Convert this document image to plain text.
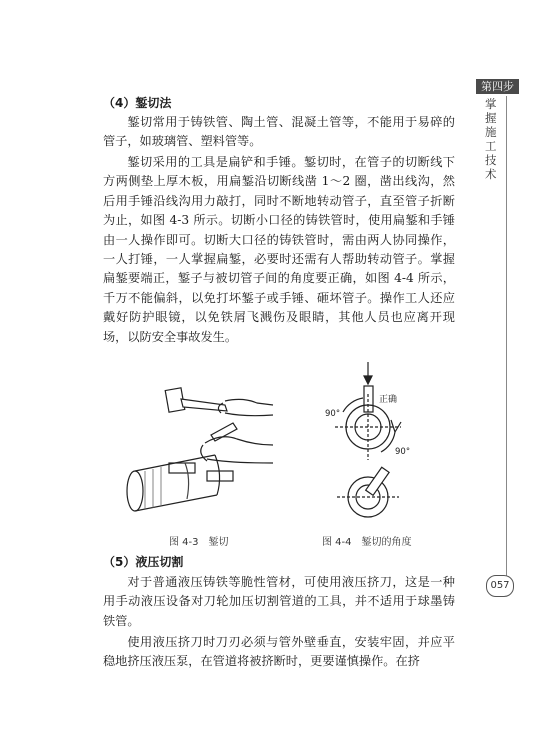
第四步
掌握施工技术
057
（4）錾切法

錾切常用于铸铁管、陶土管、混凝土管等，不能用于易碎的管子，如玻璃管、塑料管等。

錾切采用的工具是扁铲和手锤。錾切时，在管子的切断线下方两侧垫上厚木板，用扁錾沿切断线凿 1～2 圈，凿出线沟，然后用手锤沿线沟用力敲打，同时不断地转动管子，直至管子折断为止，如图 4-3 所示。切断小口径的铸铁管时，使用扁錾和手锤由一人操作即可。切断大口径的铸铁管时，需由两人协同操作，一人打锤，一人掌握扁錾，必要时还需有人帮助转动管子。掌握扁錾要端正，錾子与被切管子间的角度要正确，如图 4-4 所示，千万不能偏斜，以免打坏錾子或手锤、砸坏管子。操作工人还应戴好防护眼镜，以免铁屑飞溅伤及眼睛，其他人员也应离开现场，以防安全事故发生。

图 4-3　錾切	图 4-4　錾切的角度
（5）液压切割

对于普通液压铸铁等脆性管材，可使用液压挤刀，这是一种用手动液压设备对刀轮加压切割管道的工具，并不适用于球墨铸铁管。

使用液压挤刀时刀刃必须与管外壁垂直，安装牢固，并应平稳地挤压液压泵，在管道将被挤断时，更要谨慎操作。在挤

正确
90°
90°
